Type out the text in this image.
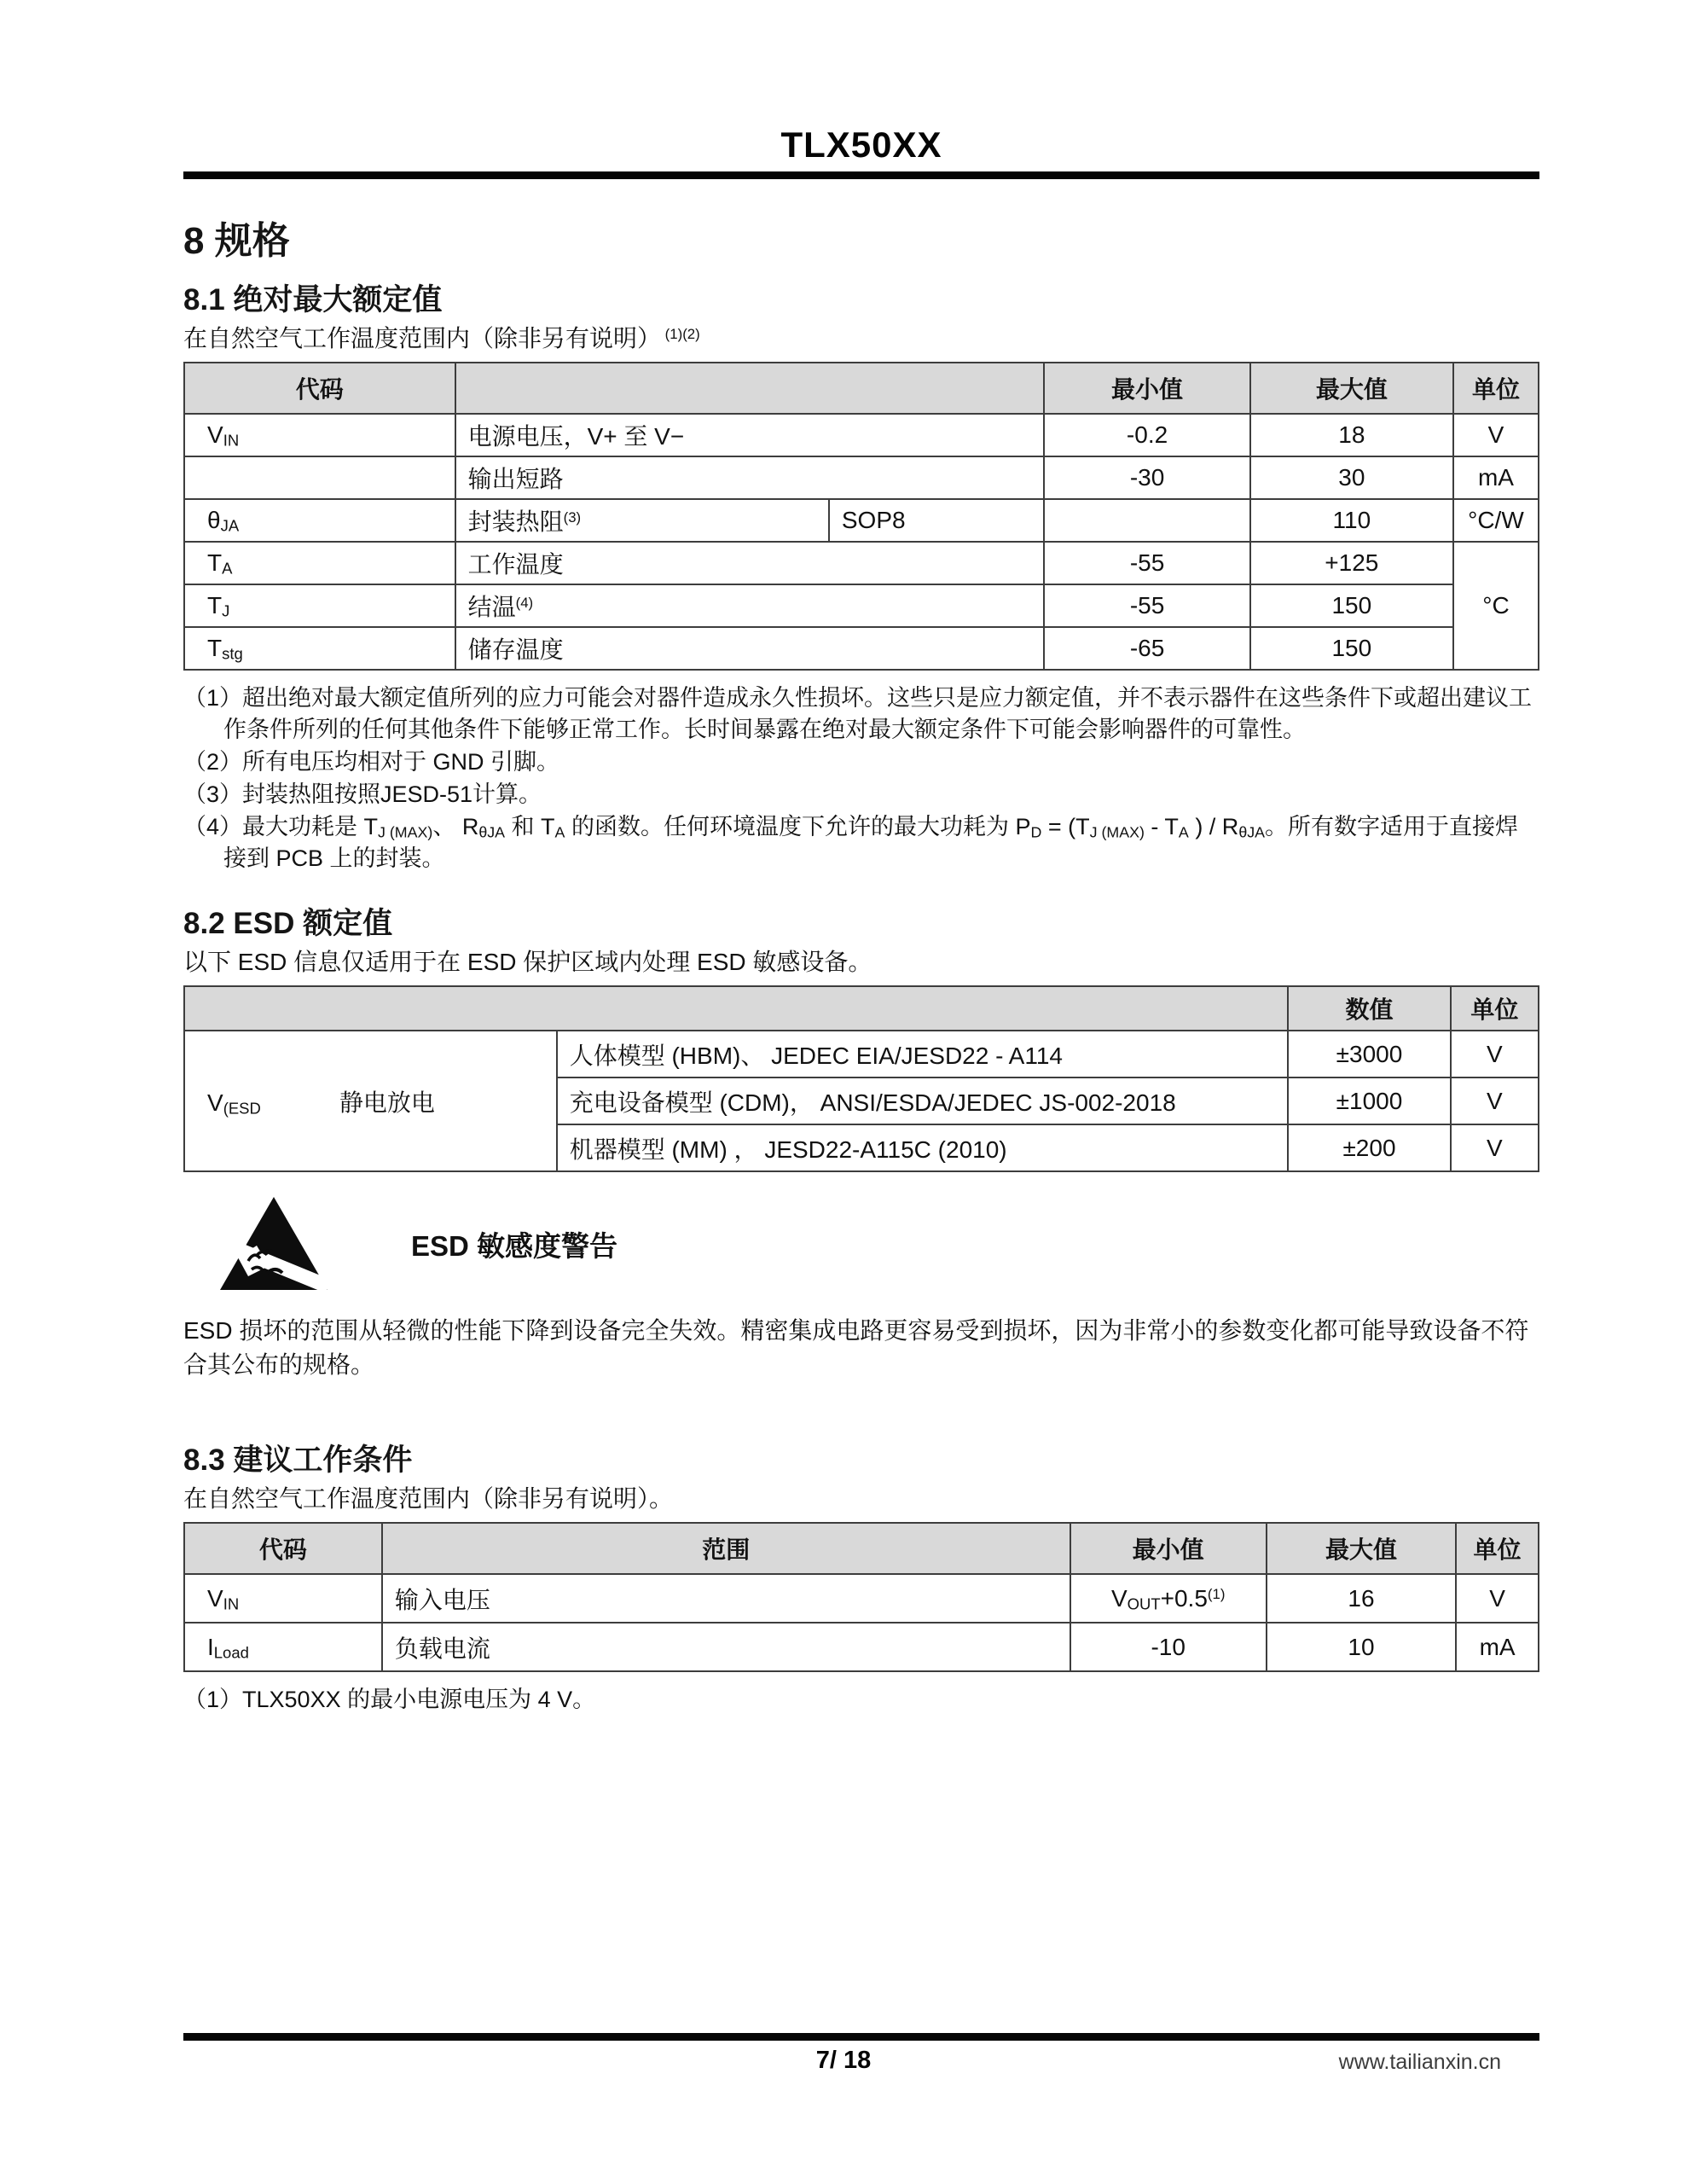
TLX50XX
8 规格
8.1 绝对最大额定值

在自然空气工作温度范围内（除非另有说明） $^{(1)(2)}$

代码			最小值	最大值	单位
$V_{IN}$	电源电压，V+ 至 V−		-0.2	18	V
	输出短路		-30	30	mA
$\theta_{JA}$	封装热阻$^{(3)}$	SOP8		110	°C/W
$T_A$	工作温度		-55	+125	°C
$T_J$	结温$^{(4)}$		-55	150	
$T_{stg}$	储存温度		-65	150	

（1）超出绝对最大额定值所列的应力可能会对器件造成永久性损坏。这些只是应力额定值，并不表示器件在这些条件下或超出建议工作条件所列的任何其他条件下能够正常工作。长时间暴露在绝对最大额定条件下可能会影响器件的可靠性。

（2）所有电压均相对于 GND 引脚。

（3）封装热阻按照JESD-51计算。

（4）最大功耗是 $T_{J (MAX)}$、 $R_{\theta JA}$ 和 $T_A$ 的函数。任何环境温度下允许的最大功耗为 $P_D = (T_{J (MAX)} - T_A$ ) / $R_{\theta JA}$。所有数字适用于直接焊接到 PCB 上的封装。

8.2 ESD 额定值

以下 ESD 信息仅适用于在 ESD 保护区域内处理 ESD 敏感设备。

		数值	单位
$V_{(ESD}$ 静电放电	人体模型 (HBM)、 JEDEC EIA/JESD22 - A114	±3000	V
	充电设备模型 (CDM)， ANSI/ESDA/JEDEC JS-002-2018	±1000	V
	机器模型 (MM) ， JESD22-A115C (2010)	±200	V
ESD 敏感度警告

ESD 损坏的范围从轻微的性能下降到设备完全失效。精密集成电路更容易受到损坏，因为非常小的参数变化都可能导致设备不符合其公布的规格。

8.3 建议工作条件

在自然空气工作温度范围内（除非另有说明）。

代码	范围	最小值	最大值	单位
$V_{IN}$	输入电压	$V_{OUT}+0.5^{(1)}$	16	V
$I_{Load}$	负载电流	-10	10	mA

（1）TLX50XX 的最小电源电压为 4 V。

7/ 18	www.tailianxin.cn
